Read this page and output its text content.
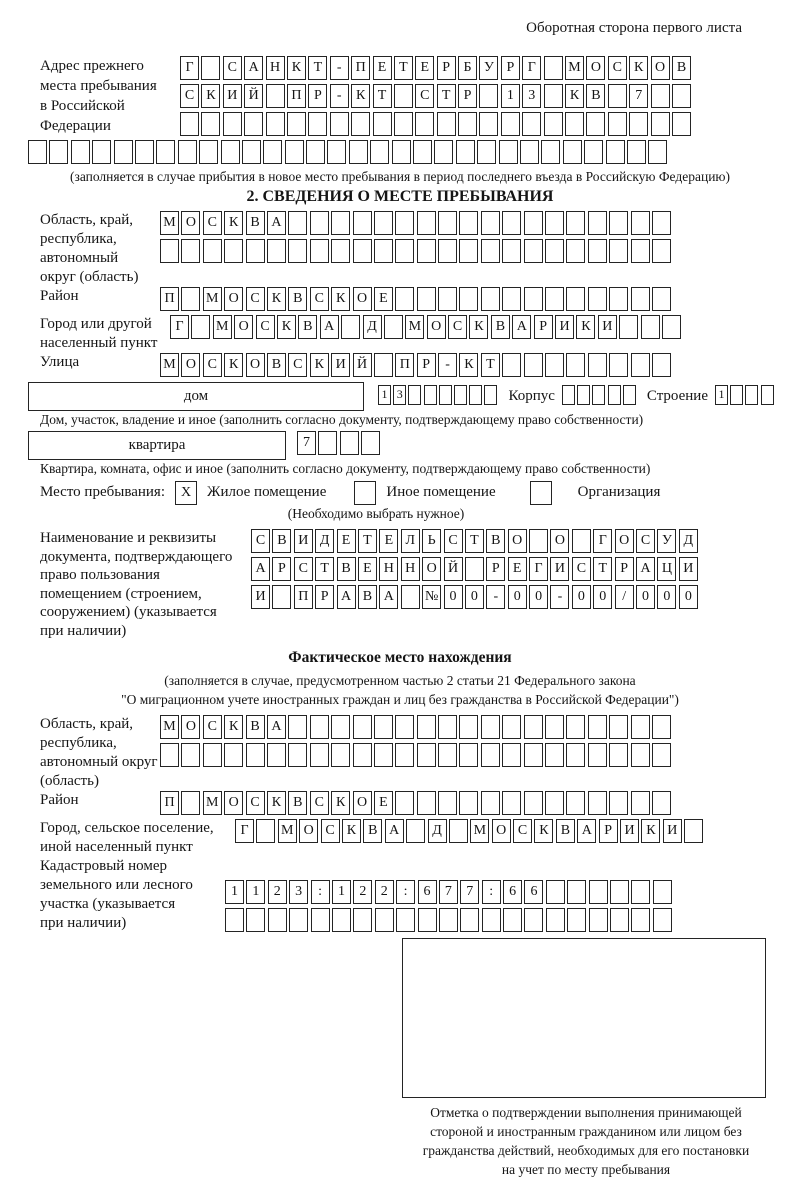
Оборотная сторона первого листа
Адрес прежнего
места пребывания
в Российской
Федерации
Г С А Н К Т - П Е Т Е Р Б У Р Г М О С К О В
С К И Й П Р - К Т С Т Р	1 3 К В 7
(заполняется в случае прибытия в новое место пребывания в период последнего въезда в Российскую Федерацию)
2. СВЕДЕНИЯ О МЕСТЕ ПРЕБЫВАНИЯ
Область, край,
республика,
автономный
округ (область)
М О С К В А
Район	П М О С К В С К О Е
Город или другой
населенный пункт
Г М О С К В А Д М О С К В А Р И К И
Улица	М О С К О В С К И Й П Р - К Т
дом	1 3	Корпус	Строение 1
Дом, участок, владение и иное (заполнить согласно документу, подтверждающему право собственности)
квартира	7
Квартира, комната, офис и иное (заполнить согласно документу, подтверждающему право собственности)
Место пребывания:	X	Жилое помещение	Иное помещение	Организация
(Необходимо выбрать нужное)
Наименование и реквизиты
документа, подтверждающего
право пользования
помещением (строением,
сооружением) (указывается
при наличии)
С В И Д Е Т Е Л Ь С Т В О О Г О С У Д
А Р С Т В Е Н Н О Й Р Е Г И С Т Р А Ц И
И П Р А В А № 0 0 - 0 0 - 0 0 / 0 0 0
Фактическое место нахождения
(заполняется в случае, предусмотренном частью 2 статьи 21 Федерального закона
"О миграционном учете иностранных граждан и лиц без гражданства в Российской Федерации")
Область, край,
республика,
автономный округ
(область)
М О С К В А
Район	П М О С К В С К О Е
Город, сельское поселение,
иной населенный пункт
Г М О С К В А Д М О С К В А Р И К И
Кадастровый номер
земельного или лесного
участка (указывается
при наличии)
1 1 2 3 : 1 2 2 : 6 7 7 : 6 6
Отметка о подтверждении выполнения принимающей
стороной и иностранным гражданином или лицом без
гражданства действий, необходимых для его постановки
на учет по месту пребывания
